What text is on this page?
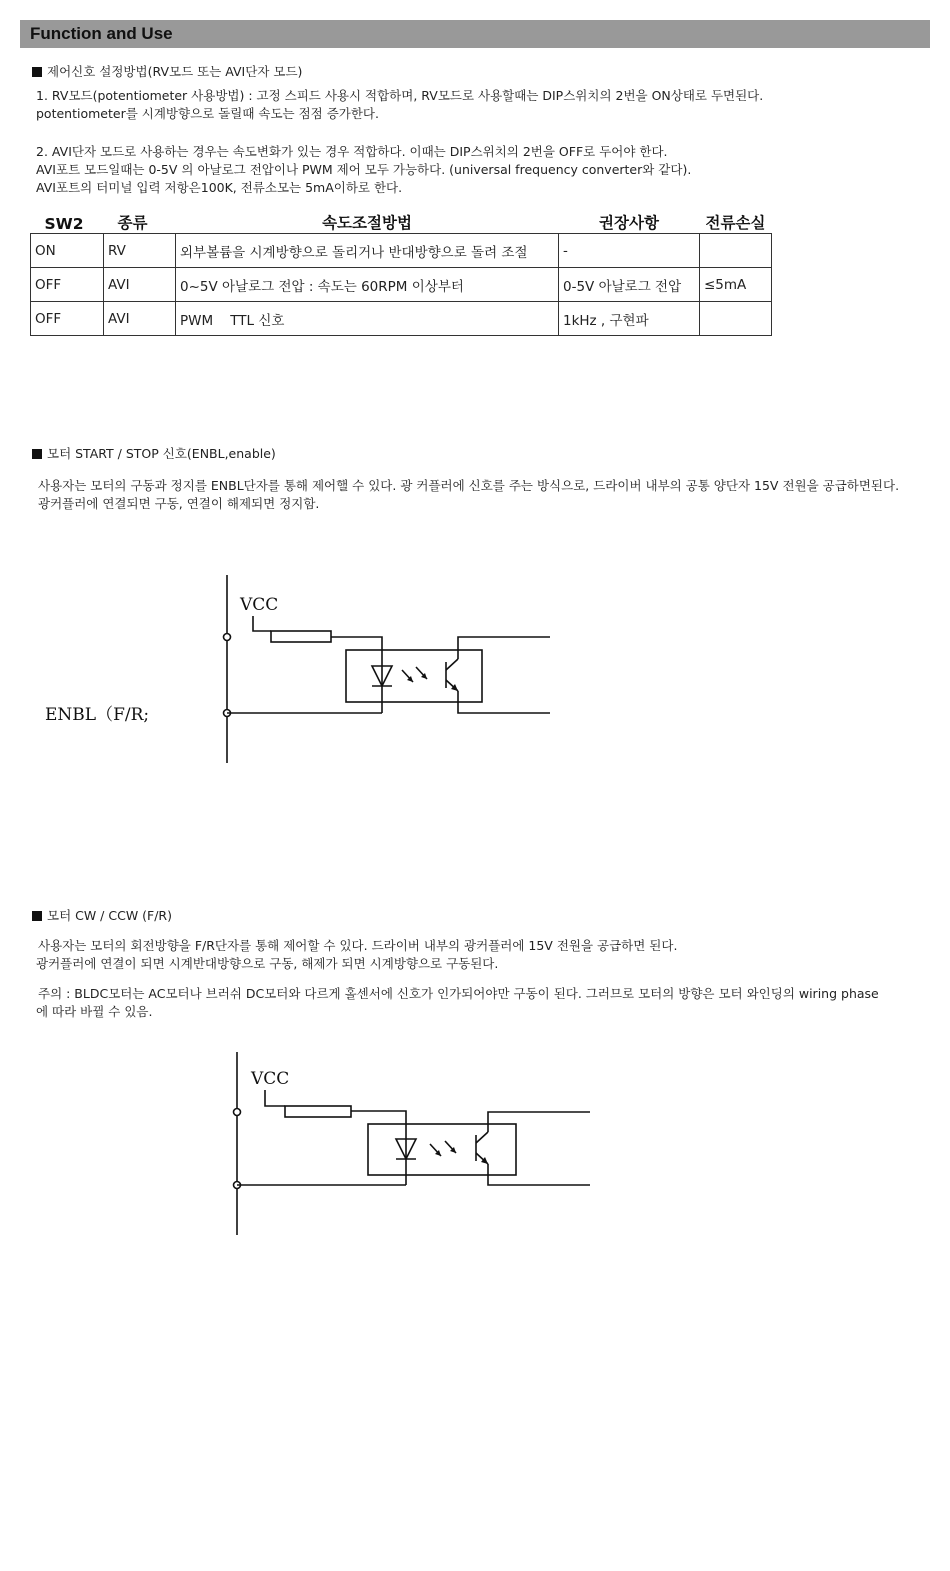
Function and Use
제어신호 설정방법(RV모드 또는 AVI단자 모드)
1. RV모드(potentiometer 사용방법) : 고정 스피드 사용시 적합하며, RV모드로 사용할때는 DIP스위치의 2번을 ON상태로 두면된다.
potentiometer를 시계방향으로 돌릴때 속도는 점점 증가한다.
2. AVI단자 모드로 사용하는 경우는 속도변화가 있는 경우 적합하다. 이때는 DIP스위치의 2번을 OFF로 두어야 한다.
AVI포트 모드일때는 0-5V 의 아날로그 전압이나 PWM 제어 모두 가능하다. (universal frequency converter와 같다).
AVI포트의 터미널 입력 저항은100K, 전류소모는 5mA이하로 한다.
SW2	종류	속도조절방법	권장사항	전류손실
ON	RV	외부볼륨을 시계방향으로 돌리거나 반대방향으로 돌려 조절	-	
OFF	AVI	0~5V 아날로그 전압 : 속도는 60RPM 이상부터	0-5V 아날로그 전압	≤5mA
OFF	AVI	PWM    TTL 신호	1kHz , 구현파	
모터 START / STOP 신호(ENBL,enable)
사용자는 모터의 구동과 정지를 ENBL단자를 통해 제어핼 수 있다. 광 커플러에 신호를 주는 방식으로, 드라이버 내부의 공통 양단자 15V 전원을 공급하면된다.
광커플러에 연결되면 구동, 연결이 해제되면 정지함.
VCC
ENBL（F/R;
모터 CW / CCW (F/R)
사용자는 모터의 회전방향을 F/R단자를 통해 제어할 수 있다. 드라이버 내부의 광커플러에 15V 전원을 공급하면 된다.
광커플러에 연결이 되면 시계반대방향으로 구동, 해제가 되면 시계방향으로 구동된다.
주의 : BLDC모터는 AC모터나 브러쉬 DC모터와 다르게 홀센서에 신호가 인가되어야만 구동이 된다. 그러므로 모터의 방향은 모터 와인딩의 wiring phase
에 따라 바뀔 수 있음.
VCC
